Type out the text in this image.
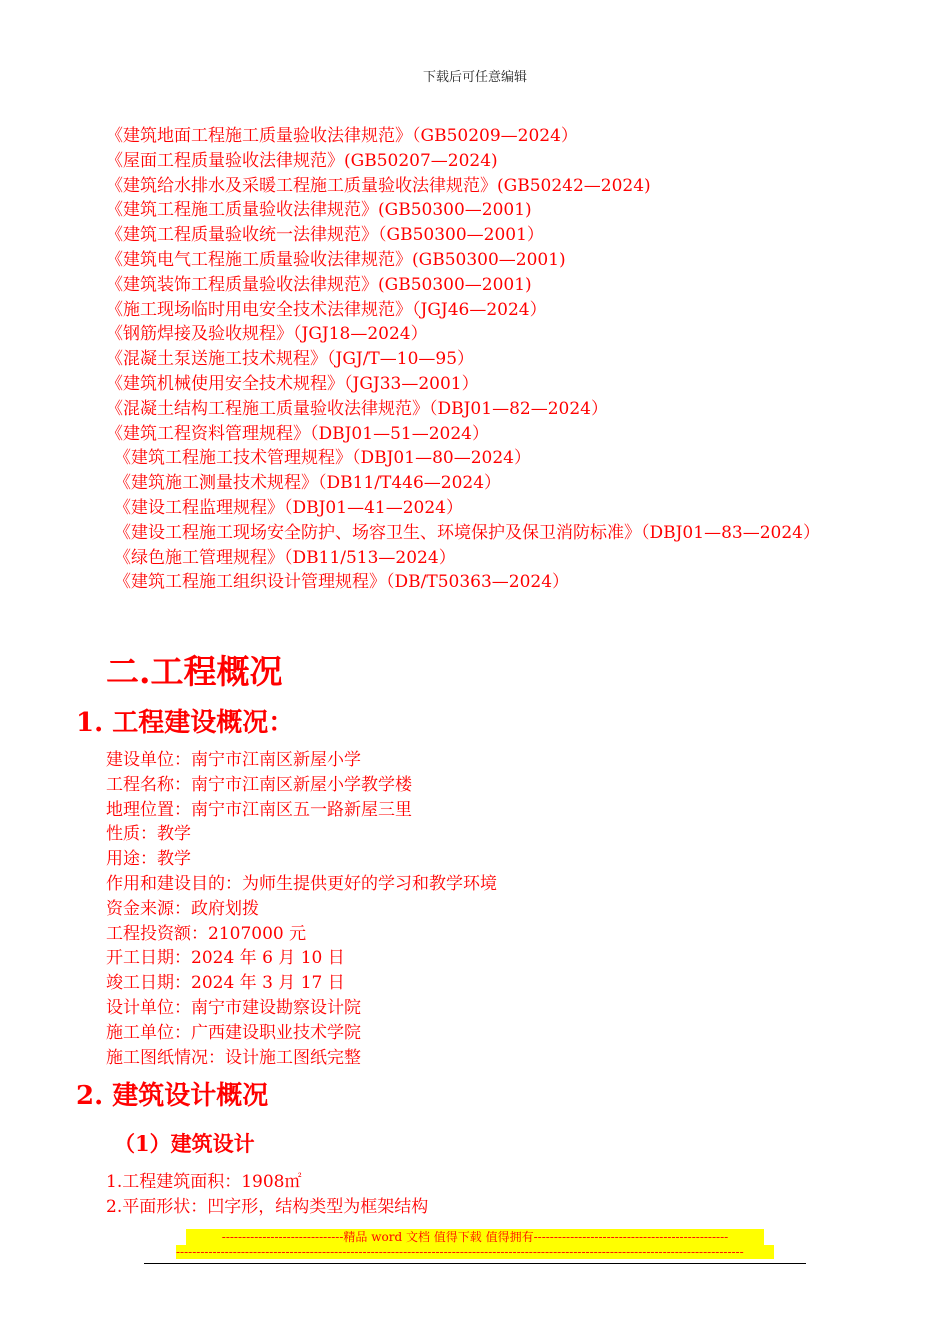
下载后可任意编辑
《建筑地面工程施工质量验收法律规范》（GB50209—2024）
《屋面工程质量验收法律规范》(GB50207—2024)
《建筑给水排水及采暖工程施工质量验收法律规范》(GB50242—2024)
《建筑工程施工质量验收法律规范》(GB50300—2001)
《建筑工程质量验收统一法律规范》（GB50300—2001）
《建筑电气工程施工质量验收法律规范》(GB50300—2001)
《建筑装饰工程质量验收法律规范》(GB50300—2001)
《施工现场临时用电安全技术法律规范》（JGJ46—2024）
《钢筋焊接及验收规程》（JGJ18—2024）
《混凝土泵送施工技术规程》（JGJ/T—10—95）
《建筑机械使用安全技术规程》（JGJ33—2001）
《混凝土结构工程施工质量验收法律规范》（DBJ01—82—2024）
《建筑工程资料管理规程》（DBJ01—51—2024）
《建筑工程施工技术管理规程》（DBJ01—80—2024）
《建筑施工测量技术规程》（DB11/T446—2024）
《建设工程监理规程》（DBJ01—41—2024）
《建设工程施工现场安全防护、场容卫生、环境保护及保卫消防标准》（DBJ01—83—2024）
《绿色施工管理规程》（DB11/513—2024）
《建筑工程施工组织设计管理规程》（DB/T50363—2024）
二.工程概况
1. 工程建设概况：
建设单位：南宁市江南区新屋小学
工程名称：南宁市江南区新屋小学教学楼
地理位置：南宁市江南区五一路新屋三里
性质：教学
用途：教学
作用和建设目的：为师生提供更好的学习和教学环境
资金来源：政府划拨
工程投资额：2107000 元
开工日期：2024 年 6 月 10 日
竣工日期：2024 年 3 月 17 日
设计单位：南宁市建设勘察设计院
施工单位：广西建设职业技术学院
施工图纸情况：设计施工图纸完整
2. 建筑设计概况
（1）建筑设计
1.工程建筑面积：1908㎡
2.平面形状：凹字形，结构类型为框架结构
------------------------------精品 word 文档 值得下载 值得拥有------------------------------------------------
--------------------------------------------------------------------------------------------------------------------------------------------
